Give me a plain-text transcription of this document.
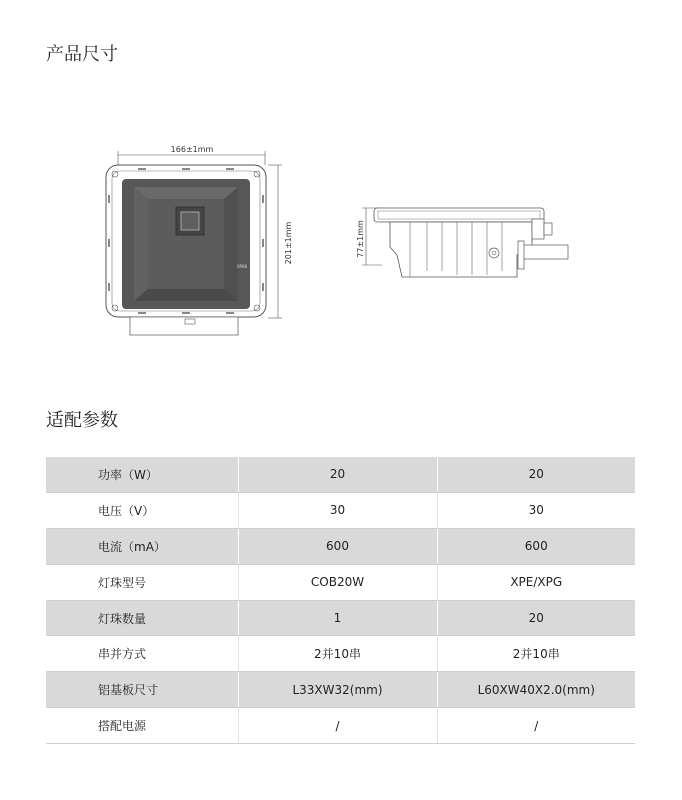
产品尺寸
166±1mm
201±1mm
0P68
77±1mm
适配参数
功率（W）	20	20
电压（V）	30	30
电流（mA）	600	600
灯珠型号	COB20W	XPE/XPG
灯珠数量	1	20
串并方式	2并10串	2并10串
铝基板尺寸	L33XW32(mm)	L60XW40X2.0(mm)
搭配电源	/	/
